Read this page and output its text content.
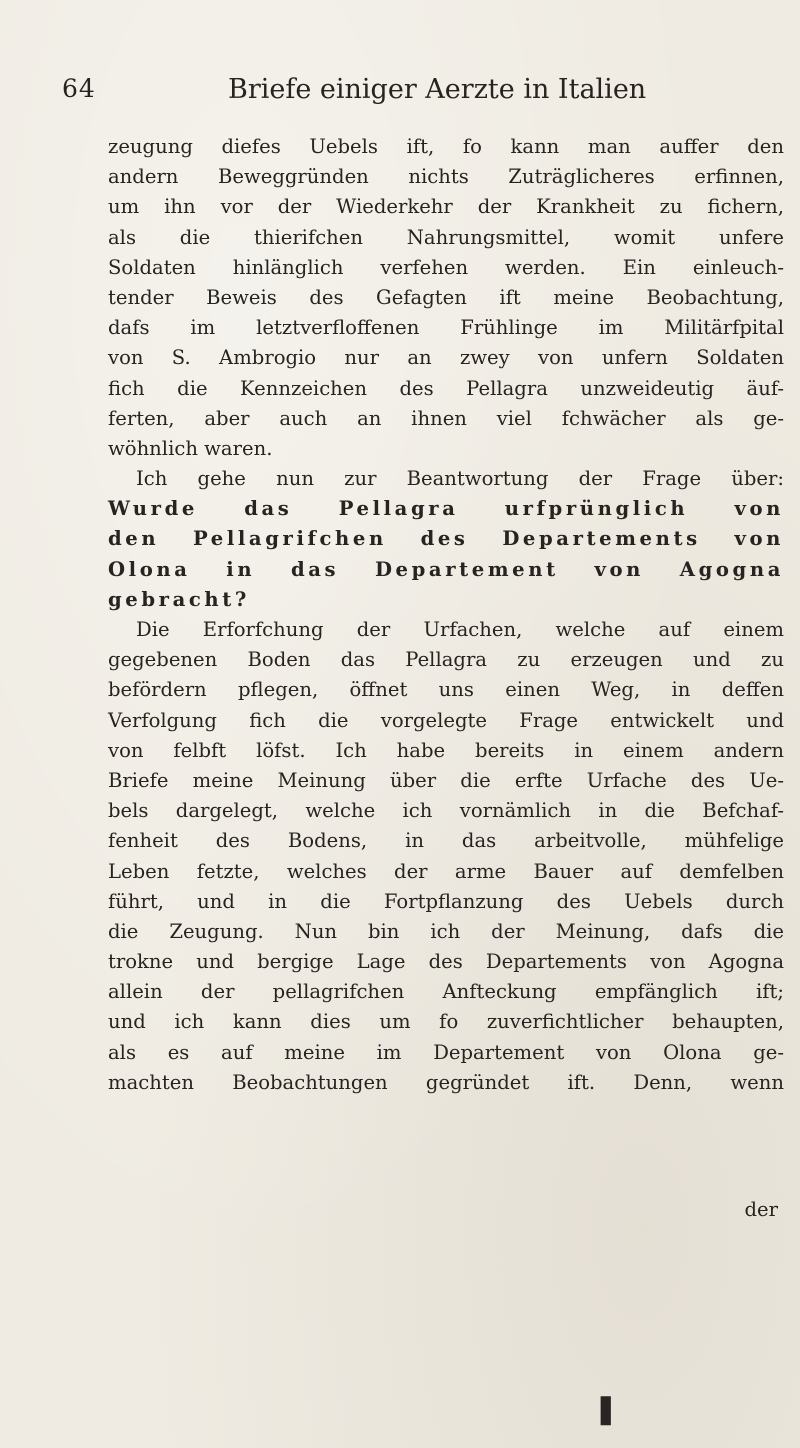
64	Briefe einiger Aerzte in Italien
zeugung diefes Uebels ift, fo kann man auffer den
andern Beweggründen nichts Zuträglicheres erfinnen,
um ihn vor der Wiederkehr der Krankheit zu fichern,
als die thierifchen Nahrungsmittel, womit unfere
Soldaten hinlänglich verfehen werden. Ein einleuch-
tender Beweis des Gefagten ift meine Beobachtung,
dafs im letztverfloffenen Frühlinge im Militärfpital
von S. Ambrogio nur an zwey von unfern Soldaten
fich die Kennzeichen des Pellagra unzweideutig äuf-
ferten, aber auch an ihnen viel fchwächer als ge-
wöhnlich waren.
Ich gehe nun zur Beantwortung der Frage über:
Wurde das Pellagra urfprünglich von
den Pellagrifchen des Departements von
Olona in das Departement von Agogna
gebracht?
Die Erforfchung der Urfachen, welche auf einem
gegebenen Boden das Pellagra zu erzeugen und zu
befördern pflegen, öffnet uns einen Weg, in deffen
Verfolgung fich die vorgelegte Frage entwickelt und
von felbft löfst. Ich habe bereits in einem andern
Briefe meine Meinung über die erfte Urfache des Ue-
bels dargelegt, welche ich vornämlich in die Befchaf-
fenheit des Bodens, in das arbeitvolle, mühfelige
Leben fetzte, welches der arme Bauer auf demfelben
führt, und in die Fortpflanzung des Uebels durch
die Zeugung. Nun bin ich der Meinung, dafs die
trokne und bergige Lage des Departements von Agogna
allein der pellagrifchen Anfteckung empfänglich ift;
und ich kann dies um fo zuverfichtlicher behaupten,
als es auf meine im Departement von Olona ge-
machten Beobachtungen gegründet ift. Denn, wenn
der
❚
